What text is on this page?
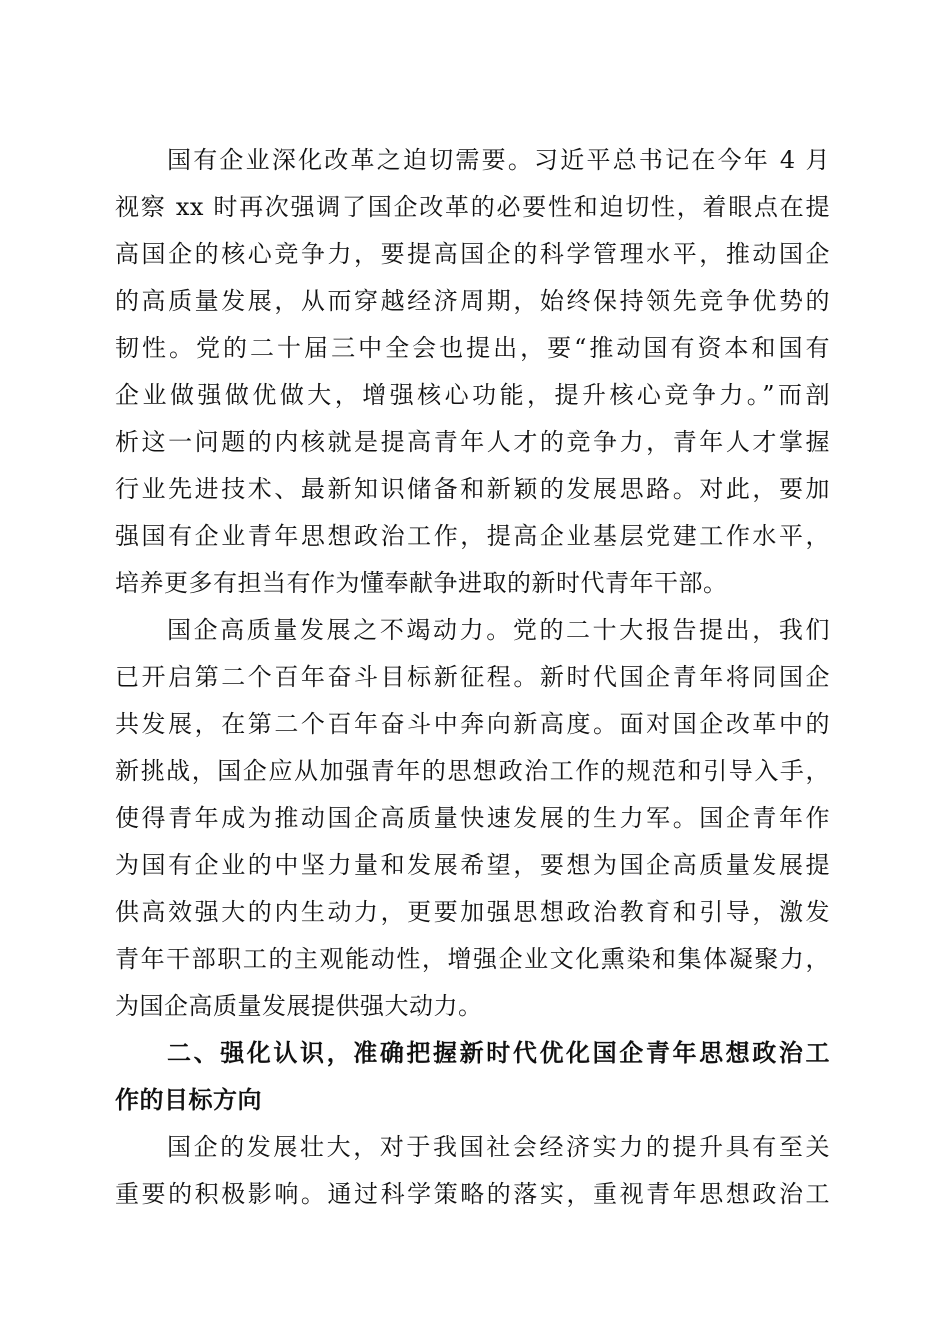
国有企业深化改革之迫切需要。习近平总书记在今年 4 月
视察 xx 时再次强调了国企改革的必要性和迫切性，着眼点在提
高国企的核心竞争力，要提高国企的科学管理水平，推动国企
的高质量发展，从而穿越经济周期，始终保持领先竞争优势的
韧性。党的二十届三中全会也提出，要“推动国有资本和国有
企业做强做优做大，增强核心功能，提升核心竞争力。”而剖
析这一问题的内核就是提高青年人才的竞争力，青年人才掌握
行业先进技术、最新知识储备和新颖的发展思路。对此，要加
强国有企业青年思想政治工作，提高企业基层党建工作水平，
培养更多有担当有作为懂奉献争进取的新时代青年干部。
国企高质量发展之不竭动力。党的二十大报告提出，我们
已开启第二个百年奋斗目标新征程。新时代国企青年将同国企
共发展，在第二个百年奋斗中奔向新高度。面对国企改革中的
新挑战，国企应从加强青年的思想政治工作的规范和引导入手，
使得青年成为推动国企高质量快速发展的生力军。国企青年作
为国有企业的中坚力量和发展希望，要想为国企高质量发展提
供高效强大的内生动力，更要加强思想政治教育和引导，激发
青年干部职工的主观能动性，增强企业文化熏染和集体凝聚力，
为国企高质量发展提供强大动力。
二、强化认识，准确把握新时代优化国企青年思想政治工
作的目标方向
国企的发展壮大，对于我国社会经济实力的提升具有至关
重要的积极影响。通过科学策略的落实，重视青年思想政治工
